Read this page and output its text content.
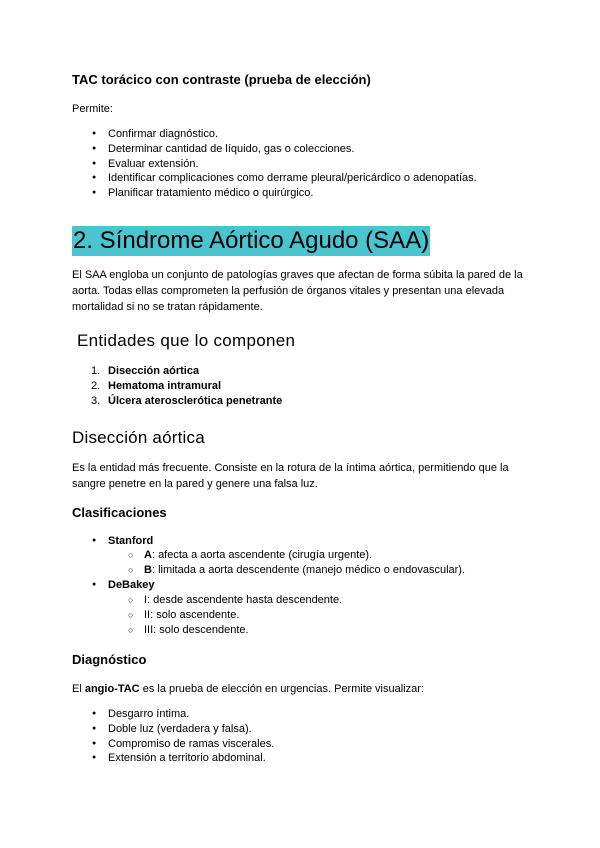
TAC torácico con contraste (prueba de elección)
Permite:
● Confirmar diagnóstico.
● Determinar cantidad de líquido, gas o colecciones.
● Evaluar extensión.
● Identificar complicaciones como derrame pleural/pericárdico o adenopatías.
● Planificar tratamiento médico o quirúrgico.
2. Síndrome Aórtico Agudo (SAA)
El SAA engloba un conjunto de patologías graves que afectan de forma súbita la pared de la
aorta. Todas ellas comprometen la perfusión de órganos vitales y presentan una elevada
mortalidad si no se tratan rápidamente.
Entidades que lo componen
1. Disección aórtica
2. Hematoma intramural
3. Úlcera aterosclerótica penetrante
Disección aórtica
Es la entidad más frecuente. Consiste en la rotura de la íntima aórtica, permitiendo que la
sangre penetre en la pared y genere una falsa luz.
Clasificaciones
● Stanford
○ A: afecta a aorta ascendente (cirugía urgente).
○ B: limitada a aorta descendente (manejo médico o endovascular).
● DeBakey
○ I: desde ascendente hasta descendente.
○ II: solo ascendente.
○ III: solo descendente.
Diagnóstico
El angio-TAC es la prueba de elección en urgencias. Permite visualizar:
● Desgarro íntima.
● Doble luz (verdadera y falsa).
● Compromiso de ramas viscerales.
● Extensión a territorio abdominal.
